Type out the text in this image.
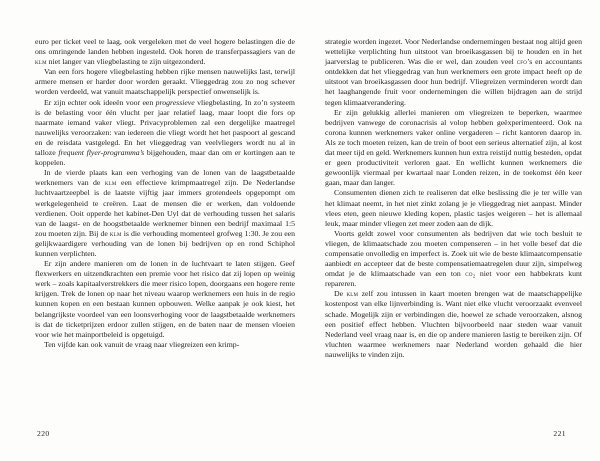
euro per ticket veel te laag, ook vergeleken met de veel hogere belastingen die de ons omringende landen hebben ingesteld. Ook horen de transferpassagiers van de klm niet langer van vliegbelasting te zijn uitgezonderd.

Van een fors hogere vliegbelasting hebben rijke mensen nauwelijks last, terwijl armere mensen er harder door worden geraakt. Vlieggedrag zou zo nog schever worden verdeeld, wat vanuit maatschappelijk perspectief onwenselijk is.

Er zijn echter ook ideeën voor een progressieve vliegbelasting. In zo’n systeem is de belasting voor één vlucht per jaar relatief laag, maar loopt die fors op naarmate iemand vaker vliegt. Privacyproblemen zal een dergelijke maatregel nauwelijks veroorzaken: van iedereen die vliegt wordt het het paspoort al gescand en de reisdata vastgelegd. En het vlieggedrag van veelvliegers wordt nu al in talloze frequent flyer-programma’s bijgehouden, maar dan om er kortingen aan te koppelen.

In de vierde plaats kan een verhoging van de lonen van de laagstbetaalde werknemers van de klm een effectieve krimpmaatregel zijn. De Nederlandse luchtvaartzeepbel is de laatste vijftig jaar immers grotendeels opgepompt om werkgelegenheid te creëren. Laat de mensen die er werken, dan voldoende verdienen. Ooit opperde het kabinet-Den Uyl dat de verhouding tussen het salaris van de laagst- en de hoogstbetaalde werknemer binnen een bedrijf maximaal 1:5 zou moeten zijn. Bij de klm is die verhouding momenteel grofweg 1:30. Je zou een gelijkwaardigere verhouding van de lonen bij bedrijven op en rond Schiphol kunnen verplichten.

Er zijn andere manieren om de lonen in de luchtvaart te laten stijgen. Geef flexwerkers en uitzendkrachten een premie voor het risico dat zij lopen op weinig werk – zoals kapitaalverstrekkers die meer risico lopen, doorgaans een hogere rente krijgen. Trek de lonen op naar het niveau waarop werknemers een huis in de regio kunnen kopen en een bestaan kunnen opbouwen. Welke aanpak je ook kiest, het belangrijkste voordeel van een loonsverhoging voor de laagstbetaalde werknemers is dat de ticketprijzen erdoor zullen stijgen, en de baten naar de mensen vloeien voor wie het mainportbeleid is opgetuigd.

Ten vijfde kan ook vanuit de vraag naar vliegreizen een krimp-

strategie worden ingezet. Voor Nederlandse ondernemingen bestaat nog altijd geen wettelijke verplichting hun uitstoot van broeikasgassen bij te houden en in het jaarverslag te publiceren. Was die er wel, dan zouden veel cfo’s en accountants ontdekken dat het vlieggedrag van hun werknemers een grote impact heeft op de uitstoot van broeikasgassen door hun bedrijf. Vliegreizen verminderen wordt dan het laaghangende fruit voor ondernemingen die willen bijdragen aan de strijd tegen klimaatverandering.

Er zijn gelukkig allerlei manieren om vliegreizen te beperken, waarmee bedrijven vanwege de coronacrisis al volop hebben geëxperimenteerd. Ook na corona kunnen werknemers vaker online vergaderen – richt kantoren daarop in. Als ze toch moeten reizen, kan de trein of boot een serieus alternatief zijn, al kost dat meer tijd en geld. Werknemers kunnen hun extra reistijd nuttig besteden, opdat er geen productiviteit verloren gaat. En wellicht kunnen werknemers die gewoonlijk viermaal per kwartaal naar Londen reizen, in de toekomst één keer gaan, maar dan langer.

Consumenten dienen zich te realiseren dat elke beslissing die je ter wille van het klimaat neemt, in het niet zinkt zolang je je vlieggedrag niet aanpast. Minder vlees eten, geen nieuwe kleding kopen, plastic tasjes weigeren – het is allemaal leuk, maar minder vliegen zet meer zoden aan de dijk.

Voorts geldt zowel voor consumenten als bedrijven dat wie toch besluit te vliegen, de klimaatschade zou moeten compenseren – in het volle besef dat die compensatie onvolledig en imperfect is. Zoek uit wie de beste klimaatcompensatie aanbiedt en accepteer dat de beste compensatiemaatregelen duur zijn, simpelweg omdat je de klimaatschade van een ton co₂ niet voor een habbekrats kunt repareren.

De klm zelf zou intussen in kaart moeten brengen wat de maatschappelijke kostenpost van elke lijnverbinding is. Want niet elke vlucht veroorzaakt evenveel schade. Mogelijk zijn er verbindingen die, hoewel ze schade veroorzaken, alsnog een positief effect hebben. Vluchten bijvoorbeeld naar steden waar vanuit Nederland veel vraag naar is, en die op andere manieren lastig te bereiken zijn. Of vluchten waarmee werknemers naar Nederland worden gehaald die hier nauwelijks te vinden zijn.

220	221
